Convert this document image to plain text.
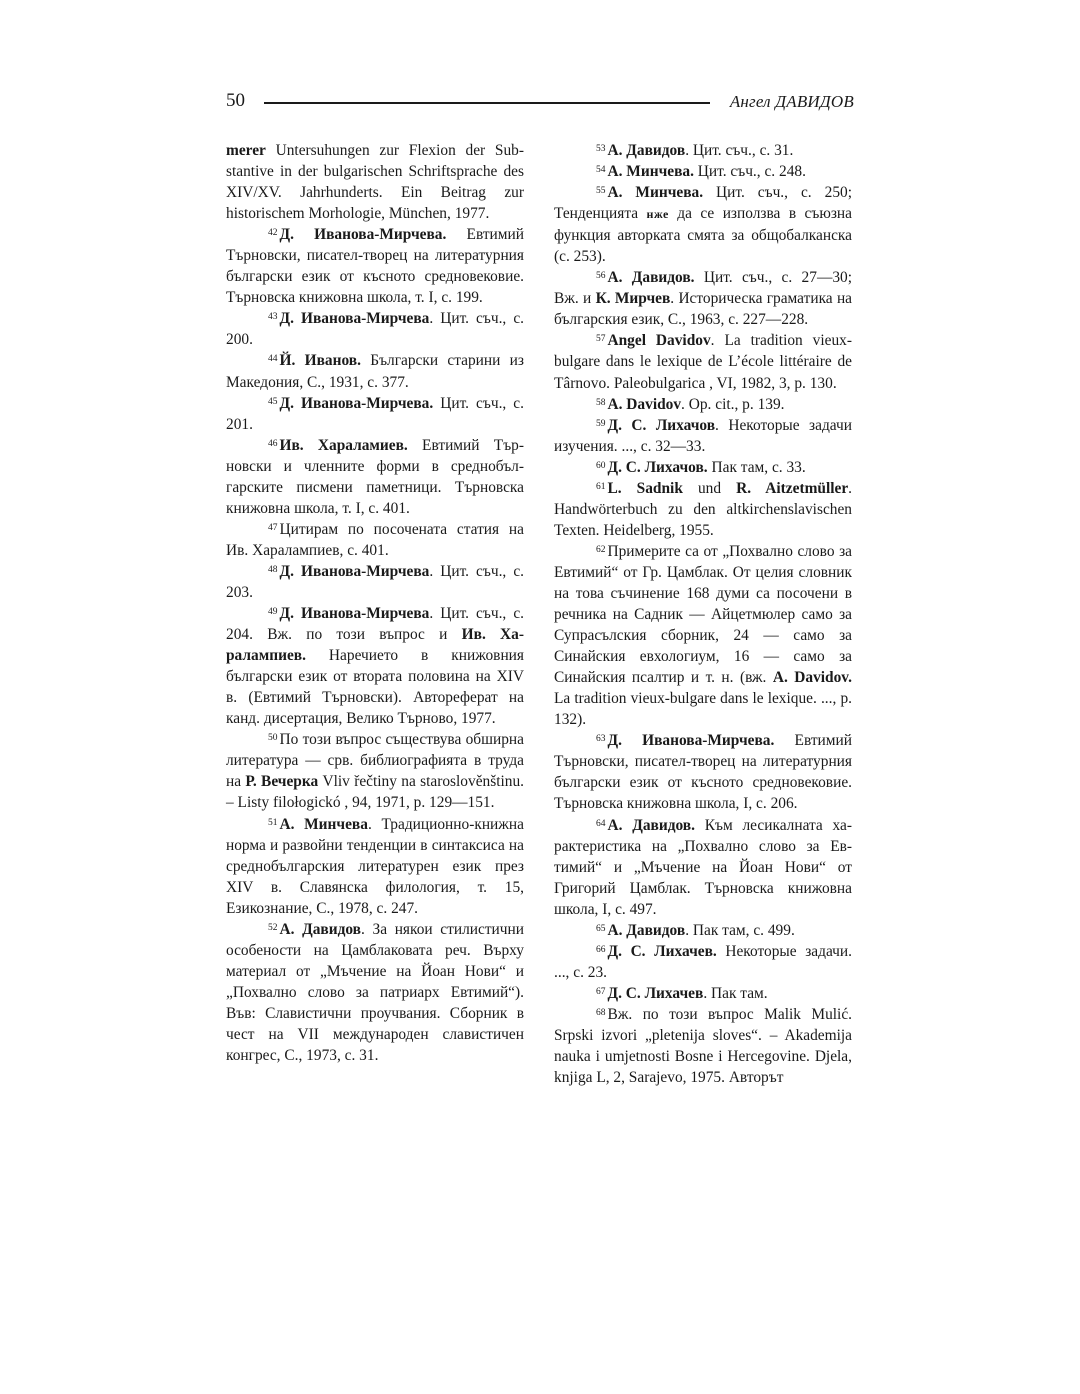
50	Ангел ДАВИДОВ

merer Untersuhungen zur Flexion der Substantive in der bulgarischen Schriftsprache des XIV/XV. Jahrhunderts. Ein Beitrag zur historischem Morhologie, München, 1977.

$^{42}$ Д. Иванова-Мирчева. Евтимий Търновски, писател-творец на литературния български език от късното средновековие. Търновска книжовна школа, т. I, с. 199.

$^{43}$ Д. Иванова-Мирчева. Цит. съч., с. 200.

$^{44}$ Й. Иванов. Български старини из Македония, С., 1931, с. 377.

$^{45}$ Д. Иванова-Мирчева. Цит. съч., с. 201.

$^{46}$ Ив. Хараламиев. Евтимий Търновски и членните форми в среднобългарските писмени паметници. Търновска книжовна школа, т. I, с. 401.

$^{47}$ Цитирам по посочената статия на Ив. Харалампиев, с. 401.

$^{48}$ Д. Иванова-Мирчева. Цит. съч., с. 203.

$^{49}$ Д. Иванова-Мирчева. Цит. съч., с. 204. Вж. по този въпрос и Ив. Харалампиев. Наречието в книжовния български език от втората половина на XIV в. (Евтимий Търновски). Автореферат на канд. дисертация, Велико Търново, 1977.

$^{50}$ По този въпрос съществува обширна литература — срв. библиографията в труда на Р. Вечерка Vliv řečtiny na staroslověnštinu. – Listy filołogickó , 94, 1971, p. 129—151.

$^{51}$ А. Минчева. Традиционно-книжна норма и развойни тенденции в синтаксиса на среднобългарския литературен език през XIV в. Славянска филология, т. 15, Езикознание, С., 1978, с. 247.

$^{52}$ А. Давидов. За някои стилистични особености на Цамблаковата реч. Върху материал от „Мъчение на Йоан Нови“ и „Похвално слово за патриарх Евтимий“). Във: Славистични проучвания. Сборник в чест на VII международен славистичен конгрес, С., 1973, с. 31.

$^{53}$ А. Давидов. Цит. съч., с. 31.

$^{54}$ А. Минчева. Цит. съч., с. 248.

$^{55}$ А. Минчева. Цит. съч., с. 250; Тенденцията нже да се използва в съюзна функция авторката смята за общобалканска (с. 253).

$^{56}$ А. Давидов. Цит. съч., с. 27—30; Вж. и К. Мирчев. Историческа граматика на българския език, С., 1963, с. 227—228.

$^{57}$ Angel Davidov. La tradition vieux-bulgare dans le lexique de L’école littéraire de Târnovo. Paleobulgarica , VI, 1982, 3, p. 130.

$^{58}$ A. Davidov. Op. cit., p. 139.

$^{59}$ Д. С. Лихачов. Некоторые задачи изучения. ..., с. 32—33.

$^{60}$ Д. С. Лихачов. Пак там, с. 33.

$^{61}$ L. Sadnik und R. Aitzetmüller. Handwörterbuch zu den altkirchenslavischen Texten. Heidelberg, 1955.

$^{62}$ Примерите са от „Похвално слово за Евтимий“ от Гр. Цамблак. От целия словник на това съчинение 168 думи са посочени в речника на Садник — Айцетмюлер само за Супрасълския сборник, 24 — само за Синайския евхологиум, 16 — само за Синайския псалтир и т. н. (вж. A. Davidov. La tradition vieux-bulgare dans le lexique. ..., p. 132).

$^{63}$ Д. Иванова-Мирчева. Евтимий Търновски, писател-творец на литературния български език от късното средновековие. Търновска книжовна школа, I, с. 206.

$^{64}$ А. Давидов. Към лесикалната характеристика на „Похвално слово за Евтимий“ и „Мъчение на Йоан Нови“ от Григорий Цамблак. Търновска книжовна школа, I, с. 497.

$^{65}$ А. Давидов. Пак там, с. 499.

$^{66}$ Д. С. Лихачев. Некоторые задачи. ..., с. 23.

$^{67}$ Д. С. Лихачев. Пак там.

$^{68}$ Вж. по този въпрос Malik Mulić. Srpski izvori „pletenija sloves“. – Akademija nauka i umjetnosti Bosne i Hercegovine. Djela, knjiga L, 2, Sarajevo, 1975. Авторът
